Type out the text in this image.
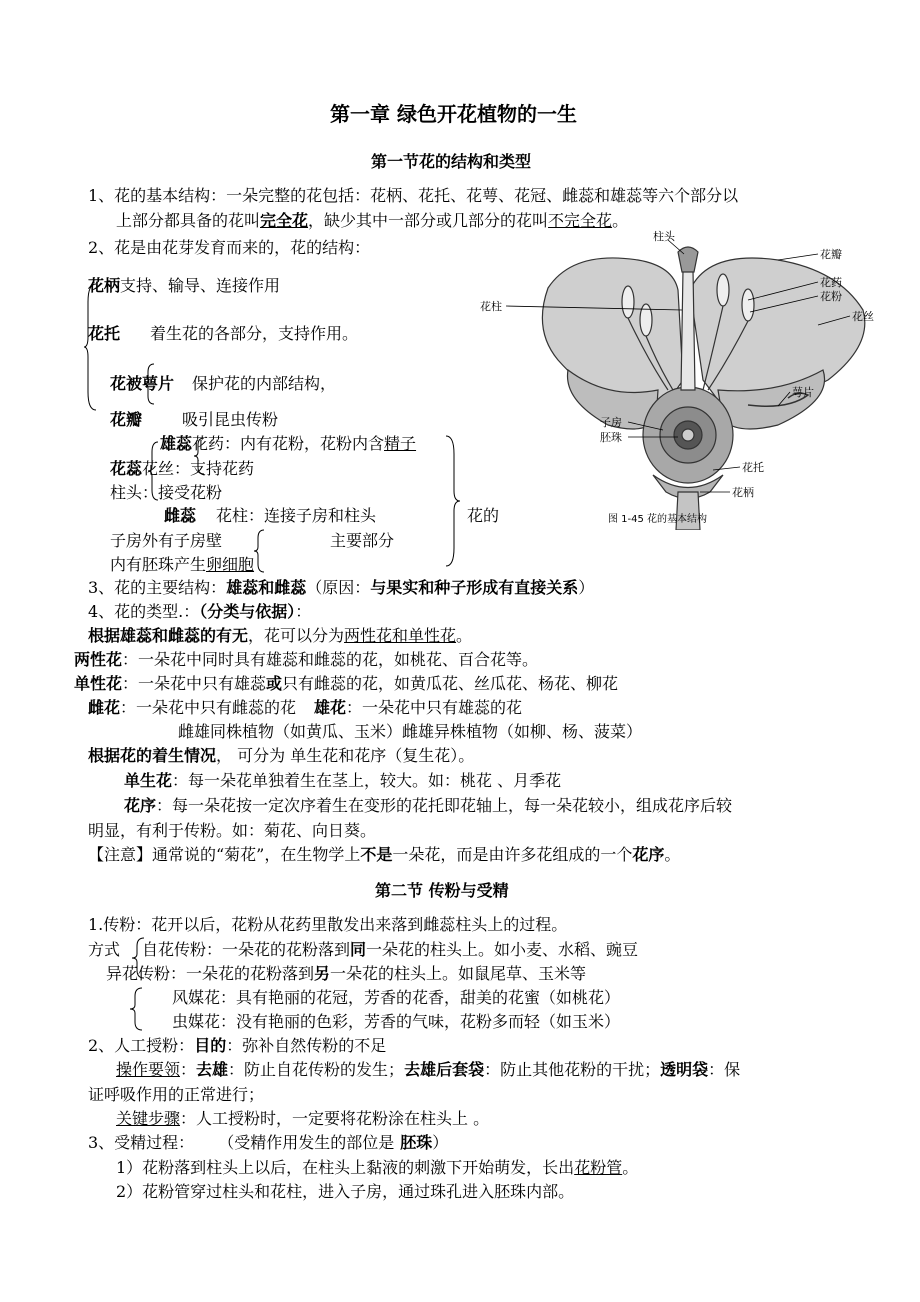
第一章 绿色开花植物的一生
第一节花的结构和类型
1、花的基本结构：一朵完整的花包括：花柄、花托、花萼、花冠、雌蕊和雄蕊等六个部分以
上部分都具备的花叫完全花，缺少其中一部分或几部分的花叫不完全花。
2、花是由花芽发育而来的，花的结构：
花柄支持、输导、连接作用
花托 着生花的各部分，支持作用。
花被萼片 保护花的内部结构，
花瓣	吸引昆虫传粉
雄蕊花药：内有花粉，花粉内含精子
花蕊花丝：支持花药
柱头：接受花粉
雌蕊 花柱：连接子房和柱头	花的
子房外有子房壁	主要部分
内有胚珠产生卵细胞
柱头
花瓣
花药
花粉
花丝
花柱
萼片
子房
胚珠
花托
花柄
图 1-45 花的基本结构
3、花的主要结构：雄蕊和雌蕊（原因：与果实和种子形成有直接关系）
4、花的类型.：（分类与依据）：
根据雄蕊和雌蕊的有无，花可以分为两性花和单性花。
两性花：一朵花中同时具有雄蕊和雌蕊的花，如桃花、百合花等。
单性花：一朵花中只有雄蕊或只有雌蕊的花，如黄瓜花、丝瓜花、杨花、柳花
雌花：一朵花中只有雌蕊的花 雄花：一朵花中只有雄蕊的花
雌雄同株植物（如黄瓜、玉米）雌雄异株植物（如柳、杨、菠菜）
根据花的着生情况， 可分为 单生花和花序（复生花）。
单生花：每一朵花单独着生在茎上，较大。如：桃花 、月季花
花序：每一朵花按一定次序着生在变形的花托即花轴上，每一朵花较小，组成花序后较
明显，有利于传粉。如：菊花、向日葵。
【注意】通常说的“菊花”，在生物学上不是一朵花，而是由许多花组成的一个花序。
第二节 传粉与受精
1.传粉：花开以后，花粉从花药里散发出来落到雌蕊柱头上的过程。
方式 自花传粉：一朵花的花粉落到同一朵花的柱头上。如小麦、水稻、豌豆
异花传粉：一朵花的花粉落到另一朵花的柱头上。如鼠尾草、玉米等
风媒花：具有艳丽的花冠，芳香的花香，甜美的花蜜（如桃花）
虫媒花：没有艳丽的色彩，芳香的气味，花粉多而轻（如玉米）
2、人工授粉：目的：弥补自然传粉的不足
操作要领：去雄：防止自花传粉的发生；去雄后套袋：防止其他花粉的干扰；透明袋：保
证呼吸作用的正常进行；
关键步骤：人工授粉时，一定要将花粉涂在柱头上 。
3、受精过程： （受精作用发生的部位是 胚珠）
1）花粉落到柱头上以后，在柱头上黏液的刺激下开始萌发，长出花粉管。
2）花粉管穿过柱头和花柱，进入子房，通过珠孔进入胚珠内部。
